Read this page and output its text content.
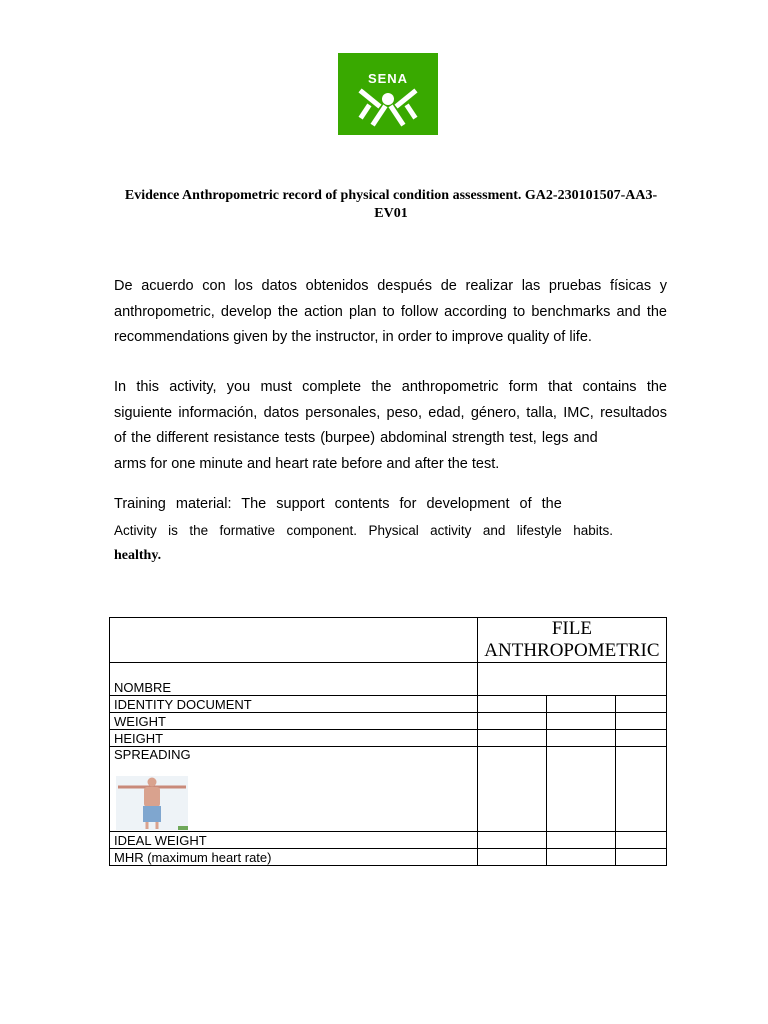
SENA
Evidence Anthropometric record of physical condition assessment. GA2-230101507-AA3-EV01
De acuerdo con los datos obtenidos después de realizar las pruebas físicas y
anthropometric, develop the action plan to follow according to benchmarks and the
recommendations given by the instructor, in order to improve quality of life.
In this activity, you must complete the anthropometric form that contains the
siguiente información, datos personales, peso, edad, género, talla, IMC, resultados
of the different resistance tests (burpee) abdominal strength test, legs and
arms for one minute and heart rate before and after the test.
Training material: The support contents for development of the
Activity is the formative component. Physical activity and lifestyle habits.
healthy.

	FILE
ANTHROPOMETRIC		

NOMBRE			
IDENTITY DOCUMENT			
WEIGHT			
HEIGHT			

SPREADING			

IDEAL WEIGHT			
MHR (maximum heart rate)			
